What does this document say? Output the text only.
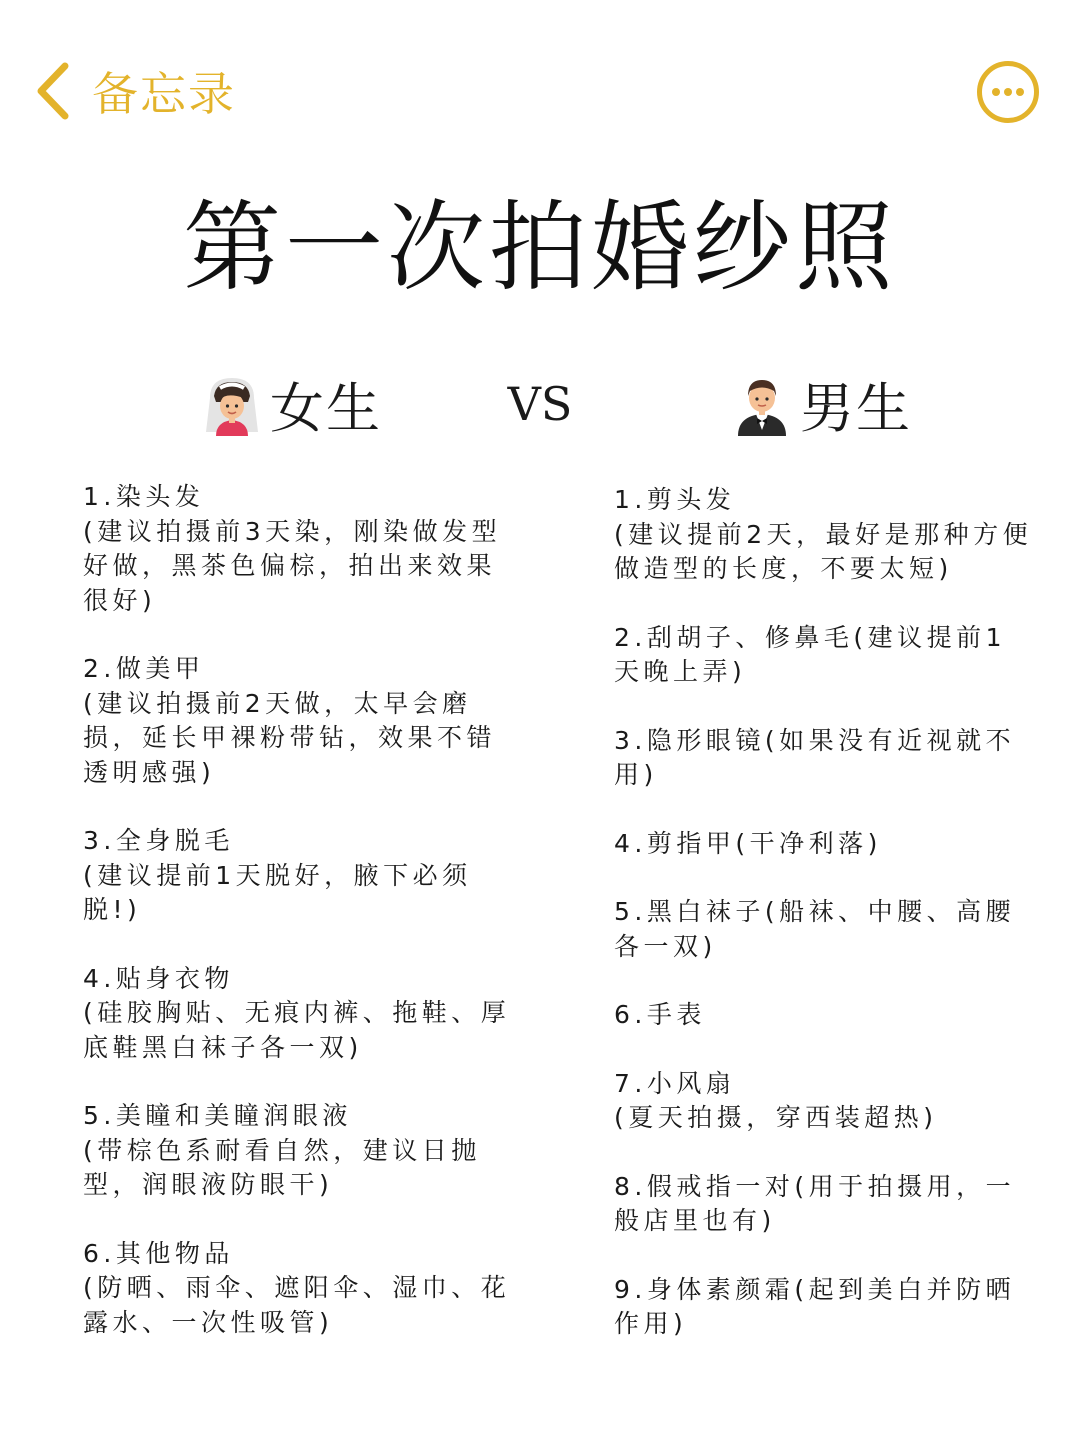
备忘录
第一次拍婚纱照
女生	VS	男生
1.染头发
(建议拍摄前3天染，刚染做发型好做，黑茶色偏棕，拍出来效果很好)
2.做美甲
(建议拍摄前2天做，太早会磨损，延长甲裸粉带钻，效果不错透明感强)
3.全身脱毛
(建议提前1天脱好，腋下必须脱!)
4.贴身衣物
(硅胶胸贴、无痕内裤、拖鞋、厚底鞋黑白袜子各一双)
5.美瞳和美瞳润眼液
(带棕色系耐看自然，建议日抛型，润眼液防眼干)
6.其他物品
(防晒、雨伞、遮阳伞、湿巾、花露水、一次性吸管)
1.剪头发
(建议提前2天，最好是那种方便做造型的长度，不要太短)
2.刮胡子、修鼻毛(建议提前1天晚上弄)
3.隐形眼镜(如果没有近视就不用)
4.剪指甲(干净利落)
5.黑白袜子(船袜、中腰、高腰各一双)
6.手表
7.小风扇
(夏天拍摄，穿西装超热)
8.假戒指一对(用于拍摄用，一般店里也有)
9.身体素颜霜(起到美白并防晒作用)
